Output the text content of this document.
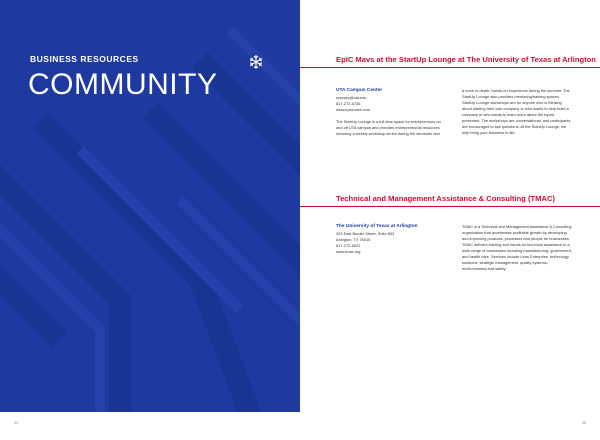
BUSINESS RESOURCES
COMMUNITY
EpIC Mavs at the StartUp Lounge at The University of Texas at Arlington
UTA Campus Center
mavsep@uta.edu
817-272-5736
www.epicmavs.com
The StartUp Lounge is a full-time space for entrepreneurs on and off UTA campus and provides entrepreneurial resources including a weekly workshop series during the semester and
a more in-depth, hands-on experience during the summer. The StartUp Lounge also provides mentoring/training spaces. StartUp Lounge workshops are for anyone who is thinking about starting their own company or who wants to help build a company or who wants to learn more about the topics presented. The workshops are conversational, and participants are encouraged to ask questions. At the StartUp Lounge, we help bring your business to life.
Technical and Management Assistance & Consulting (TMAC)
The University of Texas at Arlington
203 East Border Street, Suite 833
Arlington, TX 76010
817-272-5922
www.tmac.org
TMAC is a Technical and Management Assistance & Consulting organization that accelerates profitable growth by developing and improving products, processes and people for businesses. TMAC delivers training and hands-on technical assistance to a wide range of businesses including manufacturing, government, and health care. Services include Lean Enterprise, technology solutions, strategic management, quality systems, environmental and safety.
44	45
